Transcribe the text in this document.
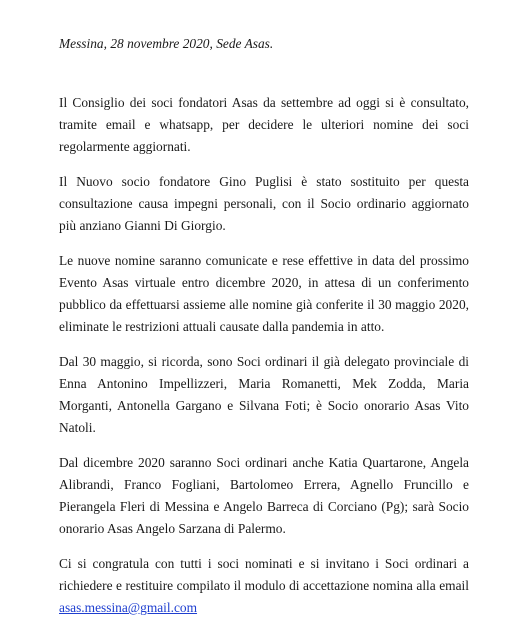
Messina, 28 novembre 2020, Sede Asas.

Il Consiglio dei soci fondatori Asas da settembre ad oggi si è consultato, tramite email e whatsapp, per decidere le ulteriori nomine dei soci regolarmente aggiornati.

Il Nuovo socio fondatore Gino Puglisi è stato sostituito per questa consultazione causa impegni personali, con il Socio ordinario aggiornato più anziano Gianni Di Giorgio.

Le nuove nomine saranno comunicate e rese effettive in data del prossimo Evento Asas virtuale entro dicembre 2020, in attesa di un conferimento pubblico da effettuarsi assieme alle nomine già conferite il 30 maggio 2020, eliminate le restrizioni attuali causate dalla pandemia in atto.

Dal 30 maggio, si ricorda, sono Soci ordinari il già delegato provinciale di Enna Antonino Impellizzeri, Maria Romanetti, Mek Zodda, Maria Morganti, Antonella Gargano e Silvana Foti; è Socio onorario Asas Vito Natoli.

Dal dicembre 2020 saranno Soci ordinari anche Katia Quartarone, Angela Alibrandi, Franco Fogliani, Bartolomeo Errera, Agnello Fruncillo e Pierangela Fleri di Messina e Angelo Barreca di Corciano (Pg); sarà Socio onorario Asas Angelo Sarzana di Palermo.

Ci si congratula con tutti i soci nominati e si invitano i Soci ordinari a richiedere e restituire compilato il modulo di accettazione nomina alla email asas.messina@gmail.com
